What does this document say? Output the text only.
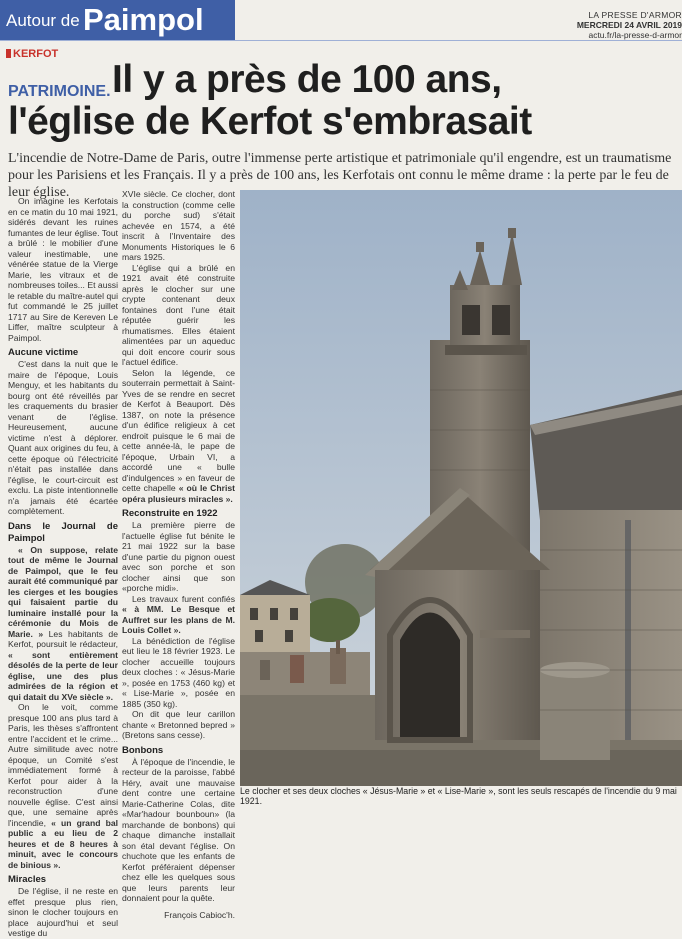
Autour de Paimpol	LA PRESSE D'ARMOR
MERCREDI 24 AVRIL 2019
actu.fr/la-presse-d-armor
KERFOT
PATRIMOINE. Il y a près de 100 ans,
l'église de Kerfot s'embrasait
L'incendie de Notre-Dame de Paris, outre l'immense perte artistique et patrimoniale qu'il engendre, est un traumatisme pour les Parisiens et les Français. Il y a près de 100 ans, les Kerfotais ont connu le même drame : la perte par le feu de leur église.

On imagine les Kerfotais en ce matin du 10 mai 1921, sidérés devant les ruines fumantes de leur église. Tout a brûlé : le mobilier d'une valeur inestimable, une vénérée statue de la Vierge Marie, les vitraux et de nombreuses toiles... Et aussi le retable du maître-autel qui fut commandé le 25 juillet 1717 au Sire de Kereven Le Liffer, maître sculpteur à Paimpol.

Aucune victime

C'est dans la nuit que le maire de l'époque, Louis Menguy, et les habitants du bourg ont été réveillés par les craquements du brasier venant de l'église. Heureusement, aucune victime n'est à déplorer. Quant aux origines du feu, à cette époque où l'électricité n'était pas installée dans l'église, le court-circuit est exclu. La piste intentionnelle n'a jamais été écartée complètement.

Dans le Journal de Paimpol

« On suppose, relate tout de même le Journal de Paimpol, que le feu aurait été communiqué par les cierges et les bougies qui faisaient partie du luminaire installé pour la cérémonie du Mois de Marie. » Les habitants de Kerfot, poursuit le rédacteur, « sont entièrement désolés de la perte de leur église, une des plus admirées de la région et qui datait du XVe siècle ».

On le voit, comme presque 100 ans plus tard à Paris, les thèses s'affrontent entre l'accident et le crime... Autre similitude avec notre époque, un Comité s'est immédiatement formé à Kerfot pour aider à la reconstruction d'une nouvelle église. C'est ainsi que, une semaine après l'incendie, « un grand bal public a eu lieu de 2 heures et de 8 heures à minuit, avec le concours de binious ».

Miracles

De l'église, il ne reste en effet presque plus rien, sinon le clocher toujours en place aujourd'hui et seul vestige du

XVIe siècle. Ce clocher, dont la construction (comme celle du porche sud) s'était achevée en 1574, a été inscrit à l'Inventaire des Monuments Historiques le 6 mars 1925.

L'église qui a brûlé en 1921 avait été construite après le clocher sur une crypte contenant deux fontaines dont l'une était réputée guérir les rhumatismes. Elles étaient alimentées par un aqueduc qui doit encore courir sous l'actuel édifice.

Selon la légende, ce souterrain permettait à Saint-Yves de se rendre en secret de Kerfot à Beauport. Dès 1387, on note la présence d'un édifice religieux à cet endroit puisque le 6 mai de cette année-là, le pape de l'époque, Urbain VI, a accordé une « bulle d'indulgences » en faveur de cette chapelle « où le Christ opéra plusieurs miracles ».

Reconstruite en 1922

La première pierre de l'actuelle église fut bénite le 21 mai 1922 sur la base d'une partie du pignon ouest avec son porche et son clocher ainsi que son «porche midi».

Les travaux furent confiés « à MM. Le Besque et Auffret sur les plans de M. Louis Collet ».

La bénédiction de l'église eut lieu le 18 février 1923. Le clocher accueille toujours deux cloches : « Jésus-Marie », posée en 1753 (460 kg) et « Lise-Marie », posée en 1885 (350 kg).

On dit que leur carillon chante « Bretonned bepred » (Bretons sans cesse).

Bonbons

À l'époque de l'incendie, le recteur de la paroisse, l'abbé Héry, avait une mauvaise dent contre une certaine Marie-Catherine Colas, dite «Mar'hadour bounboun» (la marchande de bonbons) qui chaque dimanche installait son étal devant l'église. On chuchote que les enfants de Kerfot préféraient dépenser chez elle les quelques sous que leurs parents leur donnaient pour la quête.

François Cabioc'h.

Le clocher et ses deux cloches « Jésus-Marie » et « Lise-Marie », sont les seuls rescapés de l'incendie du 9 mai 1921.
